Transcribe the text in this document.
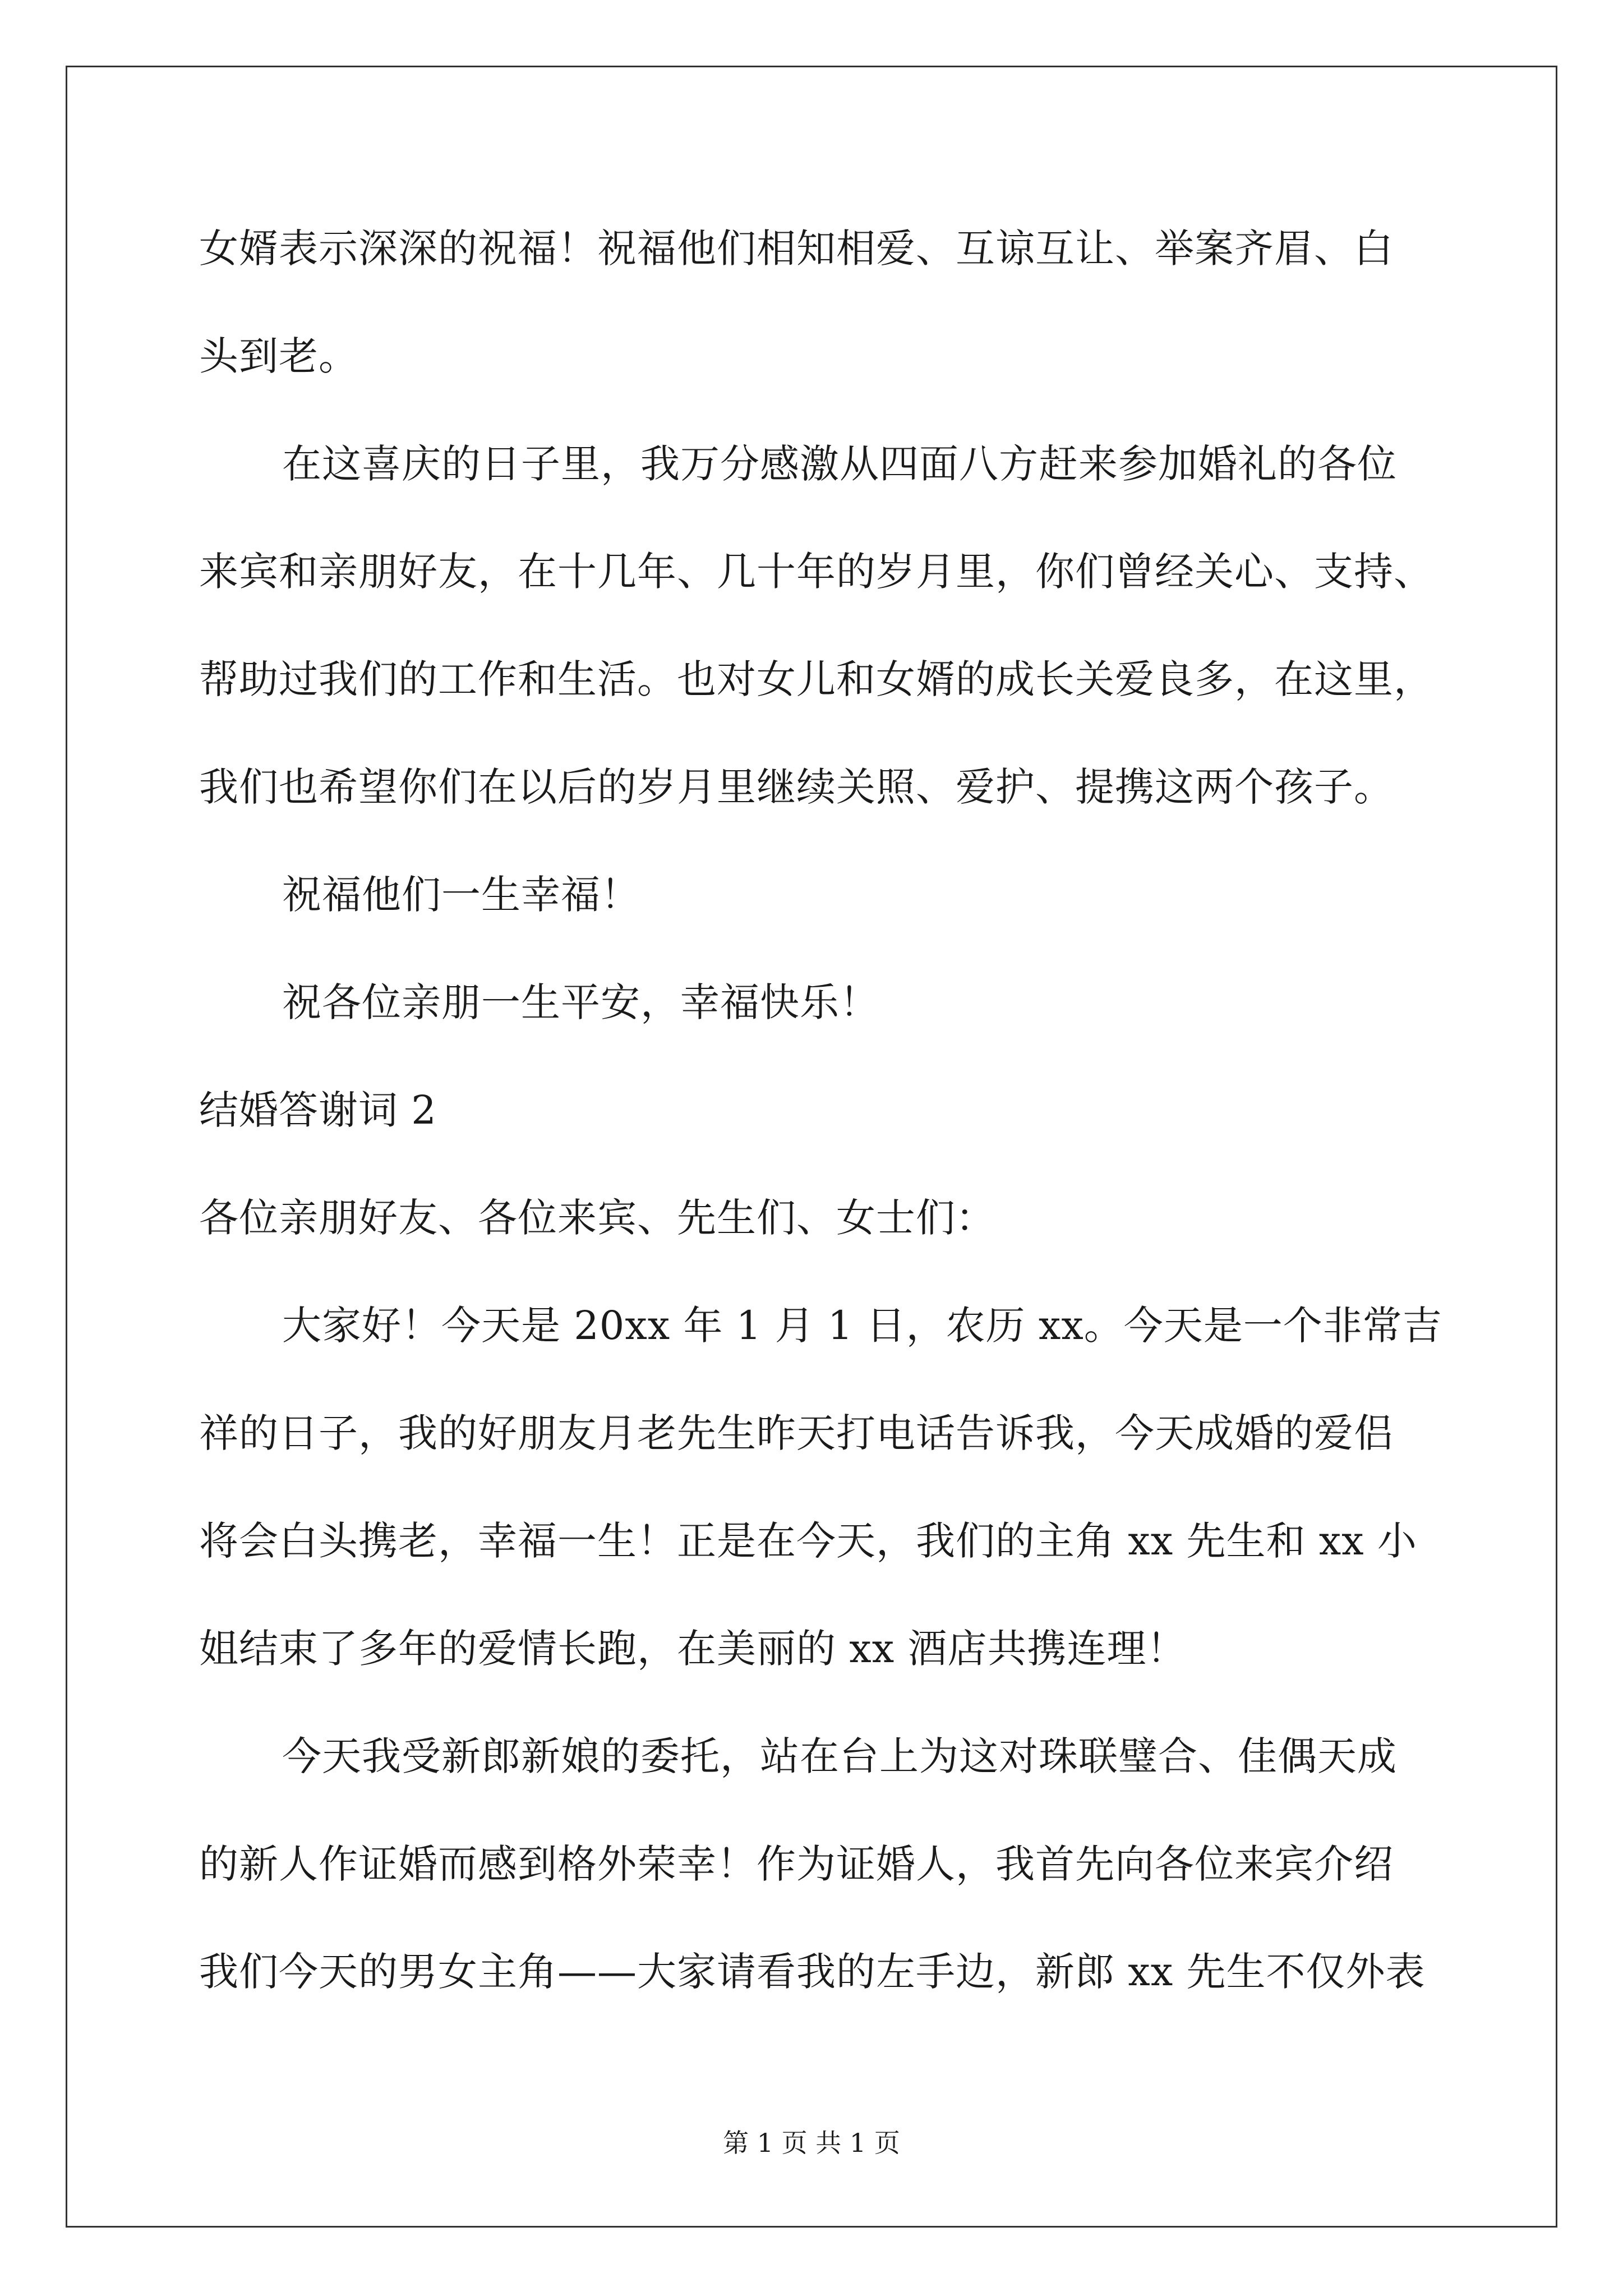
女婿表示深深的祝福！祝福他们相知相爱、互谅互让、举案齐眉、白
头到老。
在这喜庆的日子里，我万分感激从四面八方赶来参加婚礼的各位
来宾和亲朋好友，在十几年、几十年的岁月里，你们曾经关心、支持、
帮助过我们的工作和生活。也对女儿和女婿的成长关爱良多，在这里，
我们也希望你们在以后的岁月里继续关照、爱护、提携这两个孩子。
祝福他们一生幸福！
祝各位亲朋一生平安，幸福快乐！
结婚答谢词 2
各位亲朋好友、各位来宾、先生们、女士们：
大家好！今天是 20xx 年 1 月 1 日，农历 xx。今天是一个非常吉
祥的日子，我的好朋友月老先生昨天打电话告诉我，今天成婚的爱侣
将会白头携老，幸福一生！正是在今天，我们的主角 xx 先生和 xx 小
姐结束了多年的爱情长跑，在美丽的 xx 酒店共携连理！
今天我受新郎新娘的委托，站在台上为这对珠联璧合、佳偶天成
的新人作证婚而感到格外荣幸！作为证婚人，我首先向各位来宾介绍
我们今天的男女主角——大家请看我的左手边，新郎 xx 先生不仅外表
第 1 页 共 1 页
